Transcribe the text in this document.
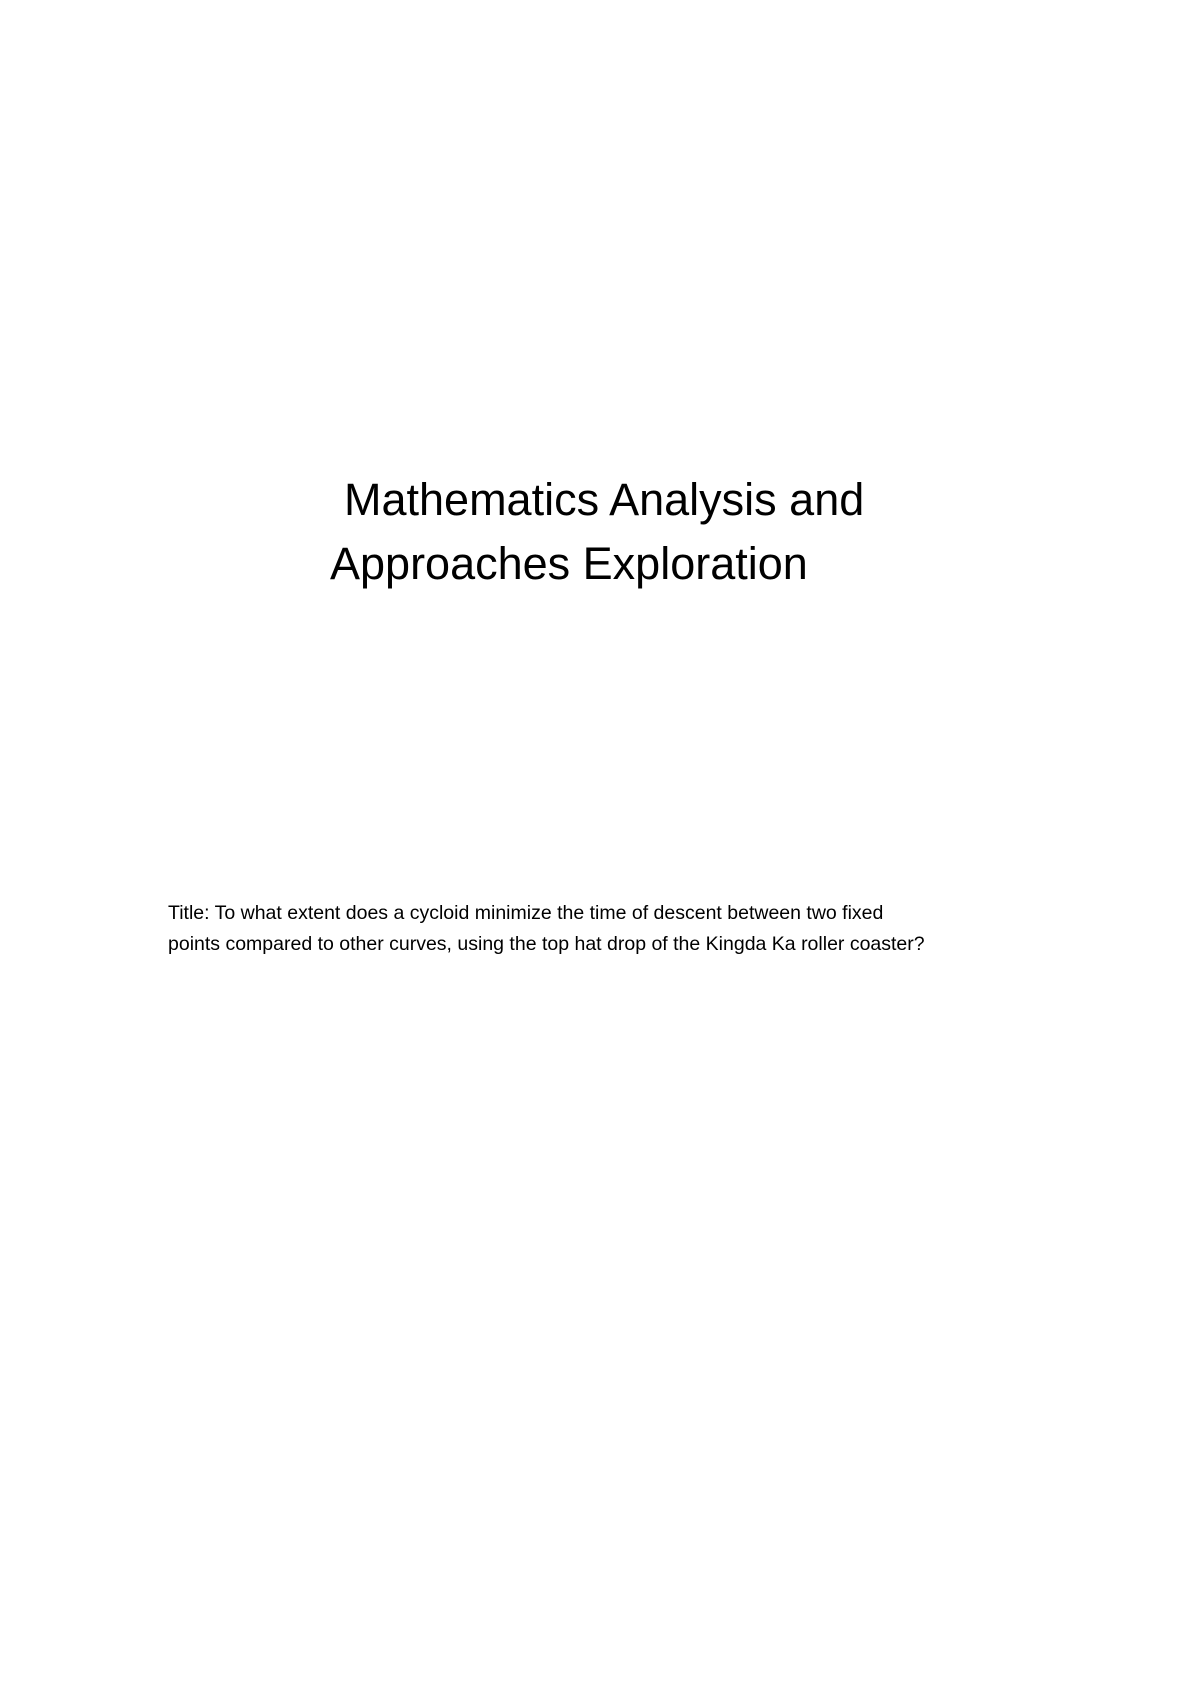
Mathematics Analysis and
Approaches Exploration

Title: To what extent does a cycloid minimize the time of descent between two fixed
points compared to other curves, using the top hat drop of the Kingda Ka roller coaster?
